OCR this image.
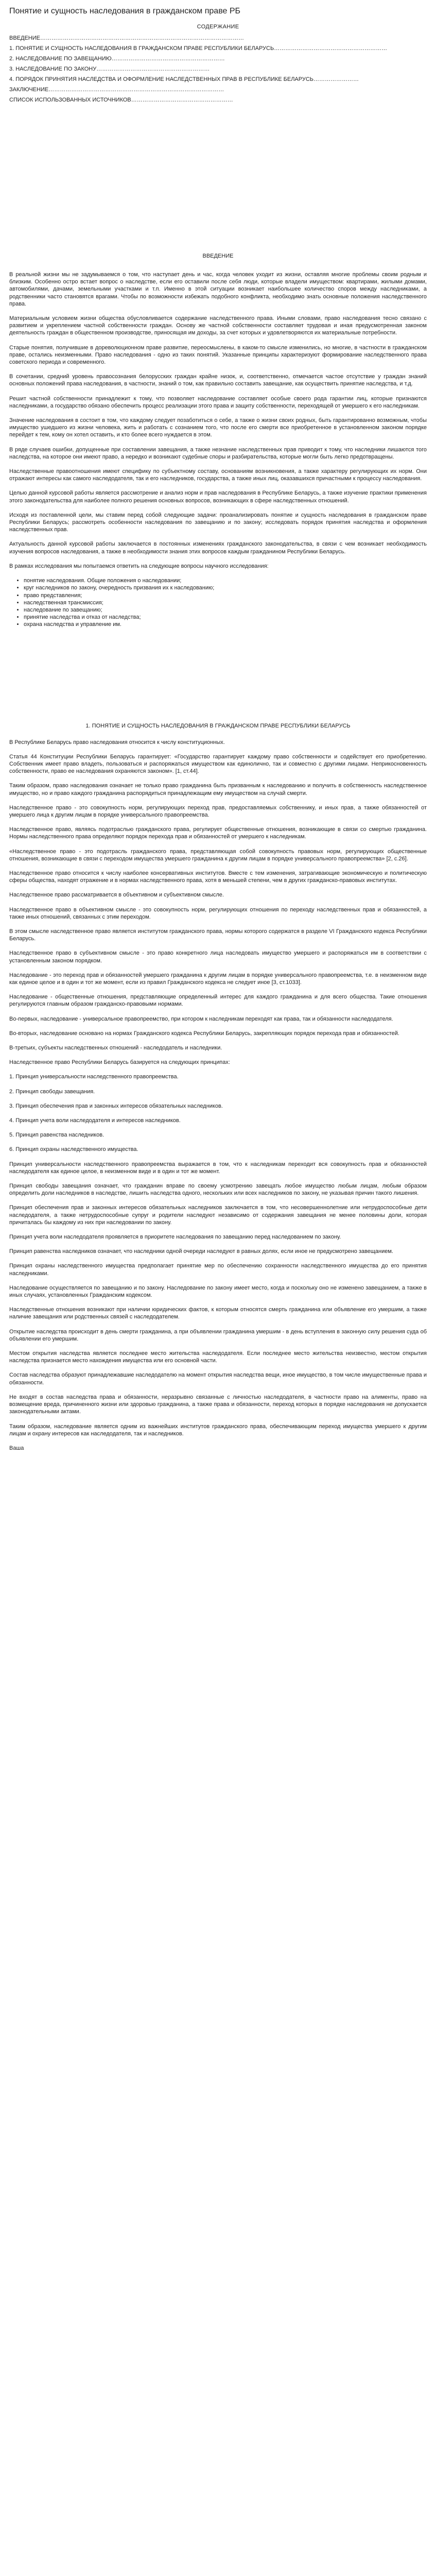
Понятие и сущность наследования в гражданском праве РБ
СОДЕРЖАНИЕ
ВВЕДЕНИЕ………………………………………………………………………………………………
1. ПОНЯТИЕ И СУЩНОСТЬ НАСЛЕДОВАНИЯ В ГРАЖДАНСКОМ ПРАВЕ РЕСПУБЛИКИ БЕЛАРУСЬ……………………………………………………
2. НАСЛЕДОВАНИЕ ПО ЗАВЕЩАНИЮ……………………………………………………
3. НАСЛЕДОВАНИЕ ПО ЗАКОНУ……………………………………………………
4. ПОРЯДОК ПРИНЯТИЯ НАСЛЕДСТВА И ОФОРМЛЕНИЕ НАСЛЕДСТВЕННЫХ ПРАВ В РЕСПУБЛИКЕ БЕЛАРУСЬ……………………
ЗАКЛЮЧЕНИЕ…………………………………………………………………………………
СПИСОК ИСПОЛЬЗОВАННЫХ ИСТОЧНИКОВ………………………………………………
ВВЕДЕНИЕ

В реальной жизни мы не задумываемся о том, что наступает день и час, когда человек уходит из жизни, оставляя многие проблемы своим родным и близким. Особенно остро встает вопрос о наследстве, если его оставили после себя люди, которые владели имуществом: квартирами, жилыми домами, автомобилями, дачами, земельными участками и т.п. Именно в этой ситуации возникает наибольшее количество споров между наследниками, а родственники часто становятся врагами. Чтобы по возможности избежать подобного конфликта, необходимо знать основные положения наследственного права.

Материальным условием жизни общества обусловливается содержание наследственного права. Иными словами, право наследования тесно связано с развитием и укреплением частной собственности граждан. Основу же частной собственности составляет трудовая и иная предусмотренная законом деятельность граждан в общественном производстве, приносящая им доходы, за счет которых и удовлетворяются их материальные потребности.

Старые понятия, получившие в дореволюционном праве развитие, переосмыслены, в каком-то смысле изменились, но многие, в частности в гражданском праве, остались неизменными. Право наследования - одно из таких понятий. Указанные принципы характеризуют формирование наследственного права советского периода и современного.

В сочетании, средний уровень правосознания белорусских граждан крайне низок, и, соответственно, отмечается частое отсутствие у граждан знаний основных положений права наследования, в частности, знаний о том, как правильно составить завещание, как осуществить принятие наследства, и т.д.

Решит частной собственности принадлежит к тому, что позволяет наследование составляет особые своего рода гарантии лиц, которые признаются наследниками, а государство обязано обеспечить процесс реализации этого права и защиту собственности, переходящей от умершего к его наследникам.

Значение наследования в состоит в том, что каждому следует позаботиться о себе, а также о жизни своих родных, быть гарантированно возможным, чтобы имущество ушедшего из жизни человека, жить и работать с сознанием того, что после его смерти все приобретенное в установленном законом порядке перейдет к тем, кому он хотел оставить, и кто более всего нуждается в этом.

В ряде случаев ошибки, допущенные при составлении завещания, а также незнание наследственных прав приводит к тому, что наследники лишаются того наследства, на которое они имеют право, а нередко и возникают судебные споры и разбирательства, которые могли быть легко предотвращены.

Наследственные правоотношения имеют специфику по субъектному составу, основаниям возникновения, а также характеру регулирующих их норм. Они отражают интересы как самого наследодателя, так и его наследников, государства, а также иных лиц, оказавшихся причастными к процессу наследования.

Целью данной курсовой работы является рассмотрение и анализ норм и прав наследования в Республике Беларусь, а также изучение практики применения этого законодательства для наиболее полного решения основных вопросов, возникающих в сфере наследственных отношений.

Исходя из поставленной цели, мы ставим перед собой следующие задачи: проанализировать понятие и сущность наследования в гражданском праве Республики Беларусь; рассмотреть особенности наследования по завещанию и по закону; исследовать порядок принятия наследства и оформления наследственных прав.

Актуальность данной курсовой работы заключается в постоянных изменениях гражданского законодательства, в связи с чем возникает необходимость изучения вопросов наследования, а также в необходимости знания этих вопросов каждым гражданином Республики Беларусь.

В рамках исследования мы попытаемся ответить на следующие вопросы научного исследования:

• понятие наследования. Общие положения о наследовании;
• круг наследников по закону, очередность призвания их к наследованию;
• право представления;
• наследственная трансмиссия;
• наследование по завещанию;
• принятие наследства и отказ от наследства;
• охрана наследства и управление им.
1. ПОНЯТИЕ И СУЩНОСТЬ НАСЛЕДОВАНИЯ В ГРАЖДАНСКОМ ПРАВЕ РЕСПУБЛИКИ БЕЛАРУСЬ

В Республике Беларусь право наследования относится к числу конституционных.

Статья 44 Конституции Республики Беларусь гарантирует: «Государство гарантирует каждому право собственности и содействует его приобретению. Собственник имеет право владеть, пользоваться и распоряжаться имуществом как единолично, так и совместно с другими лицами. Неприкосновенность собственности, право ее наследования охраняются законом». [1, ст.44].

Таким образом, право наследования означает не только право гражданина быть призванным к наследованию и получить в собственность наследственное имущество, но и право каждого гражданина распорядиться принадлежащим ему имуществом на случай смерти.

Наследственное право - это совокупность норм, регулирующих переход прав, предоставляемых собственнику, и иных прав, а также обязанностей от умершего лица к другим лицам в порядке универсального правопреемства.

Наследственное право, являясь подотраслью гражданского права, регулирует общественные отношения, возникающие в связи со смертью гражданина. Нормы наследственного права определяют порядок перехода прав и обязанностей от умершего к наследникам.

«Наследственное право - это подотрасль гражданского права, представляющая собой совокупность правовых норм, регулирующих общественные отношения, возникающие в связи с переходом имущества умершего гражданина к другим лицам в порядке универсального правопреемства» [2, с.26].

Наследственное право относится к числу наиболее консервативных институтов. Вместе с тем изменения, затрагивающие экономическую и политическую сферы общества, находят отражение и в нормах наследственного права, хотя в меньшей степени, чем в других гражданско-правовых институтах.

Наследственное право рассматривается в объективном и субъективном смысле.

Наследственное право в объективном смысле - это совокупность норм, регулирующих отношения по переходу наследственных прав и обязанностей, а также иных отношений, связанных с этим переходом.

В этом смысле наследственное право является институтом гражданского права, нормы которого содержатся в разделе VI Гражданского кодекса Республики Беларусь.

Наследственное право в субъективном смысле - это право конкретного лица наследовать имущество умершего и распоряжаться им в соответствии с установленным законом порядком.

Наследование - это переход прав и обязанностей умершего гражданина к другим лицам в порядке универсального правопреемства, т.е. в неизменном виде как единое целое и в один и тот же момент, если из правил Гражданского кодекса не следует иное [3, ст.1033].

Наследование - общественные отношения, представляющие определенный интерес для каждого гражданина и для всего общества. Такие отношения регулируются главным образом гражданско-правовыми нормами.

Во-первых, наследование - универсальное правопреемство, при котором к наследникам переходят как права, так и обязанности наследодателя.

Во-вторых, наследование основано на нормах Гражданского кодекса Республики Беларусь, закрепляющих порядок перехода прав и обязанностей.

В-третьих, субъекты наследственных отношений - наследодатель и наследники.

Наследственное право Республики Беларусь базируется на следующих принципах:

1. Принцип универсальности наследственного правопреемства.

2. Принцип свободы завещания.

3. Принцип обеспечения прав и законных интересов обязательных наследников.

4. Принцип учета воли наследодателя и интересов наследников.

5. Принцип равенства наследников.

6. Принцип охраны наследственного имущества.

Принцип универсальности наследственного правопреемства выражается в том, что к наследникам переходит вся совокупность прав и обязанностей наследодателя как единое целое, в неизменном виде и в один и тот же момент.

Принцип свободы завещания означает, что гражданин вправе по своему усмотрению завещать любое имущество любым лицам, любым образом определить доли наследников в наследстве, лишить наследства одного, нескольких или всех наследников по закону, не указывая причин такого лишения.

Принцип обеспечения прав и законных интересов обязательных наследников заключается в том, что несовершеннолетние или нетрудоспособные дети наследодателя, а также нетрудоспособные супруг и родители наследуют независимо от содержания завещания не менее половины доли, которая причиталась бы каждому из них при наследовании по закону.

Принцип учета воли наследодателя проявляется в приоритете наследования по завещанию перед наследованием по закону.

Принцип равенства наследников означает, что наследники одной очереди наследуют в равных долях, если иное не предусмотрено завещанием.

Принцип охраны наследственного имущества предполагает принятие мер по обеспечению сохранности наследственного имущества до его принятия наследниками.

Наследование осуществляется по завещанию и по закону. Наследование по закону имеет место, когда и поскольку оно не изменено завещанием, а также в иных случаях, установленных Гражданским кодексом.

Наследственные отношения возникают при наличии юридических фактов, к которым относятся смерть гражданина или объявление его умершим, а также наличие завещания или родственных связей с наследодателем.

Открытие наследства происходит в день смерти гражданина, а при объявлении гражданина умершим - в день вступления в законную силу решения суда об объявлении его умершим.

Местом открытия наследства является последнее место жительства наследодателя. Если последнее место жительства неизвестно, местом открытия наследства признается место нахождения имущества или его основной части.

Состав наследства образуют принадлежавшие наследодателю на момент открытия наследства вещи, иное имущество, в том числе имущественные права и обязанности.

Не входят в состав наследства права и обязанности, неразрывно связанные с личностью наследодателя, в частности право на алименты, право на возмещение вреда, причиненного жизни или здоровью гражданина, а также права и обязанности, переход которых в порядке наследования не допускается законодательными актами.

Таким образом, наследование является одним из важнейших институтов гражданского права, обеспечивающим переход имущества умершего к другим лицам и охрану интересов как наследодателя, так и наследников.

Ваша
